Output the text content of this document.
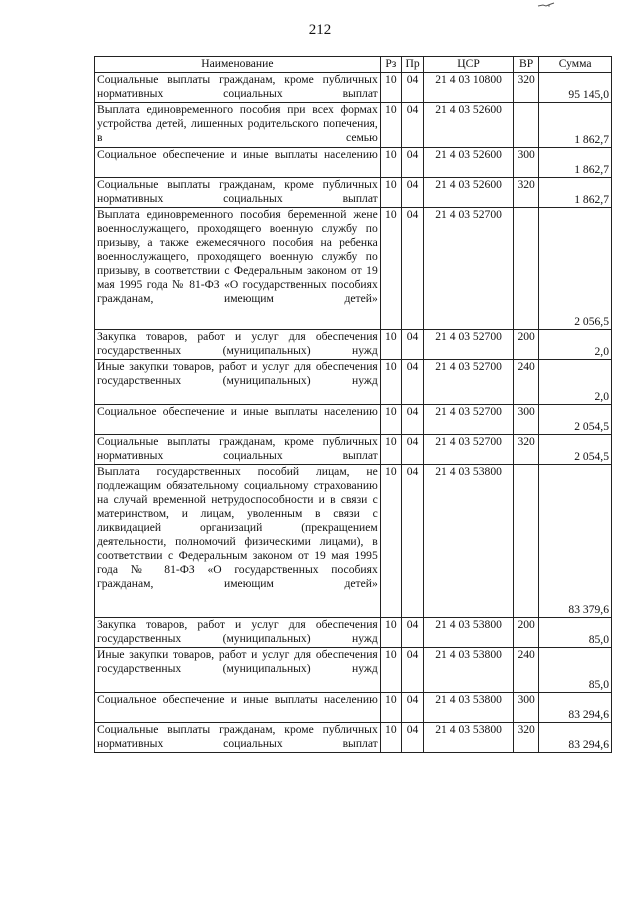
212
Наименование	Рз	Пр	ЦСР	ВР	Сумма
Социальные выплаты гражданам, кроме публичных нормативных социальных выплат	10	04	21 4 03 10800	320	95 145,0
Выплата единовременного пособия при всех формах устройства детей, лишенных родительского попечения, в семью	10	04	21 4 03 52600		1 862,7
Социальное обеспечение и иные выплаты населению	10	04	21 4 03 52600	300	1 862,7
Социальные выплаты гражданам, кроме публичных нормативных социальных выплат	10	04	21 4 03 52600	320	1 862,7
Выплата единовременного пособия беременной жене военнослужащего, проходящего военную службу по призыву, а также ежемесячного пособия на ребенка военнослужащего, проходящего военную службу по призыву, в соответствии с Федеральным законом от 19 мая 1995 года № 81-ФЗ «О государственных пособиях гражданам, имеющим детей»	10	04	21 4 03 52700		2 056,5
Закупка товаров, работ и услуг для обеспечения государственных (муниципальных) нужд	10	04	21 4 03 52700	200	2,0
Иные закупки товаров, работ и услуг для обеспечения государственных (муниципальных) нужд	10	04	21 4 03 52700	240	2,0
Социальное обеспечение и иные выплаты населению	10	04	21 4 03 52700	300	2 054,5
Социальные выплаты гражданам, кроме публичных нормативных социальных выплат	10	04	21 4 03 52700	320	2 054,5
Выплата государственных пособий лицам, не подлежащим обязательному социальному страхованию на случай временной нетрудоспособности и в связи с материнством, и лицам, уволенным в связи с ликвидацией организаций (прекращением деятельности, полномочий физическими лицами), в соответствии с Федеральным законом от 19 мая 1995 года № 81-ФЗ «О государственных пособиях гражданам, имеющим детей»	10	04	21 4 03 53800		83 379,6
Закупка товаров, работ и услуг для обеспечения государственных (муниципальных) нужд	10	04	21 4 03 53800	200	85,0
Иные закупки товаров, работ и услуг для обеспечения государственных (муниципальных) нужд	10	04	21 4 03 53800	240	85,0
Социальное обеспечение и иные выплаты населению	10	04	21 4 03 53800	300	83 294,6
Социальные выплаты гражданам, кроме публичных нормативных социальных выплат	10	04	21 4 03 53800	320	83 294,6
